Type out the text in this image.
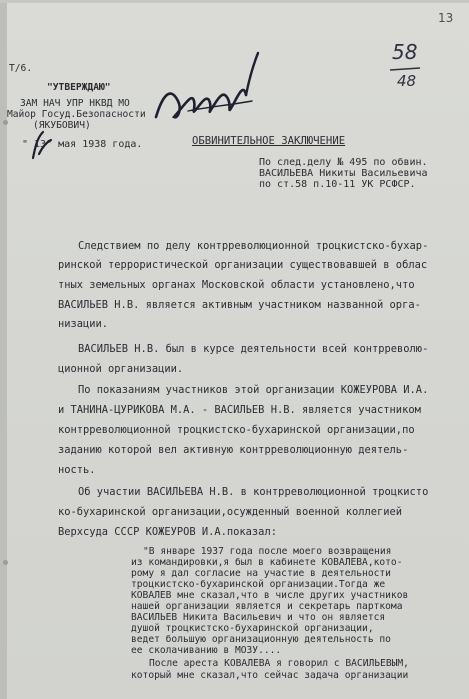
13
58
48
Т/6.
"УТВЕРЖДАЮ"
ЗАМ НАЧ УПР НКВД МО
Майор Госуд.Безопасности
(ЯКУБОВИЧ)
" 13" мая 1938 года.	ОБВИНИТЕЛЬНОЕ ЗАКЛЮЧЕНИЕ
По след.делу № 495 по обвин.
ВАСИЛЬЕВА Никиты Васильевича
по ст.58 п.10-11 УК РСФСР.
Следствием по делу контрреволюционной троцкистско-бухар-
ринской террористической организации существовавшей в облас
тных земельных органах Московской области установлено,что
ВАСИЛЬЕВ Н.В. является активным участником названной орга-
низации.
ВАСИЛЬЕВ Н.В. был в курсе деятельности всей контрреволю-
ционной организации.
По показаниям участников этой организации КОЖЕУРОВА И.А.
и ТАНИНА-ЦУРИКОВА М.А. - ВАСИЛЬЕВ Н.В. является участником
контрреволюционной троцкистско-бухаринской организации,по
заданию которой вел активную контрреволюционную деятель-
ность.
Об участии ВАСИЛЬЕВА Н.В. в контрреволюционной троцкисто
ко-бухаринской организации,осужденный военной коллегией
Верхсуда СССР КОЖЕУРОВ И.А.показал:
"В январе 1937 года после моего возвращения
из командировки,я был в кабинете КОВАЛЕВА,кото-
рому я дал согласие на участие в деятельности
троцкистско-бухаринской организации.Тогда же
КОВАЛЕВ мне сказал,что в числе других участников
нашей организации является и секретарь парткома
ВАСИЛЬЕВ Никита Васильевич и что он является
душой троцкистско-бухаринской организации,
ведет большую организационную деятельность по
ее сколачиванию в МОЗУ....
После ареста КОВАЛЕВА я говорил с ВАСИЛЬЕВЫМ,
который мне сказал,что сейчас задача организации
